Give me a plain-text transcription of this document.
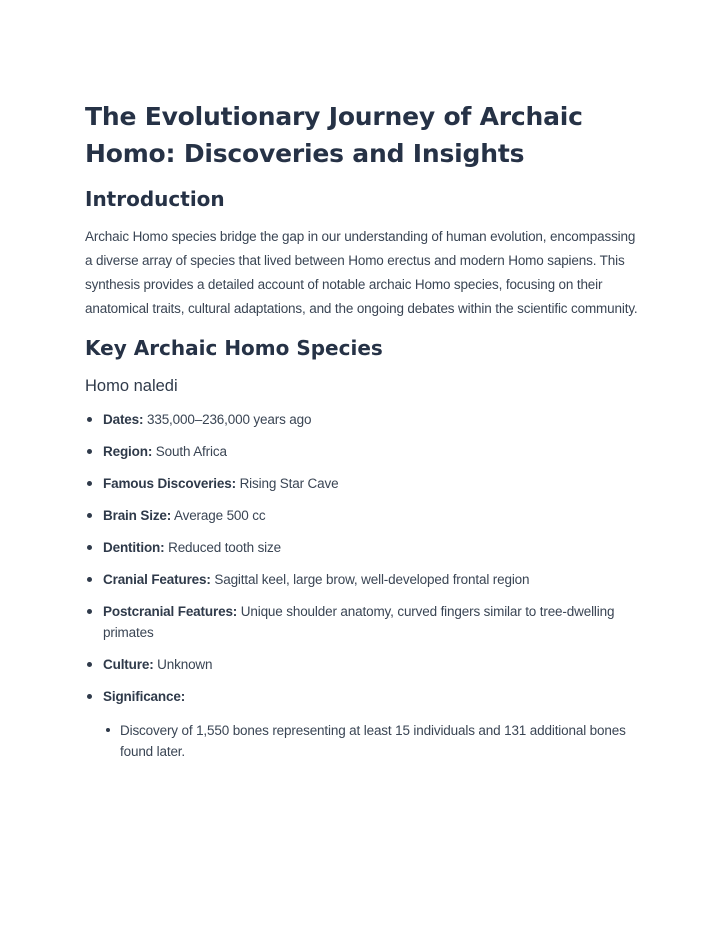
The Evolutionary Journey of Archaic Homo: Discoveries and Insights
Introduction

Archaic Homo species bridge the gap in our understanding of human evolution, encompassing a diverse array of species that lived between Homo erectus and modern Homo sapiens. This synthesis provides a detailed account of notable archaic Homo species, focusing on their anatomical traits, cultural adaptations, and the ongoing debates within the scientific community.

Key Archaic Homo Species
Homo naledi
Dates: 335,000–236,000 years ago
Region: South Africa
Famous Discoveries: Rising Star Cave
Brain Size: Average 500 cc
Dentition: Reduced tooth size
Cranial Features: Sagittal keel, large brow, well-developed frontal region
Postcranial Features: Unique shoulder anatomy, curved fingers similar to tree-dwelling primates
Culture: Unknown
Significance:
Discovery of 1,550 bones representing at least 15 individuals and 131 additional bones found later.
